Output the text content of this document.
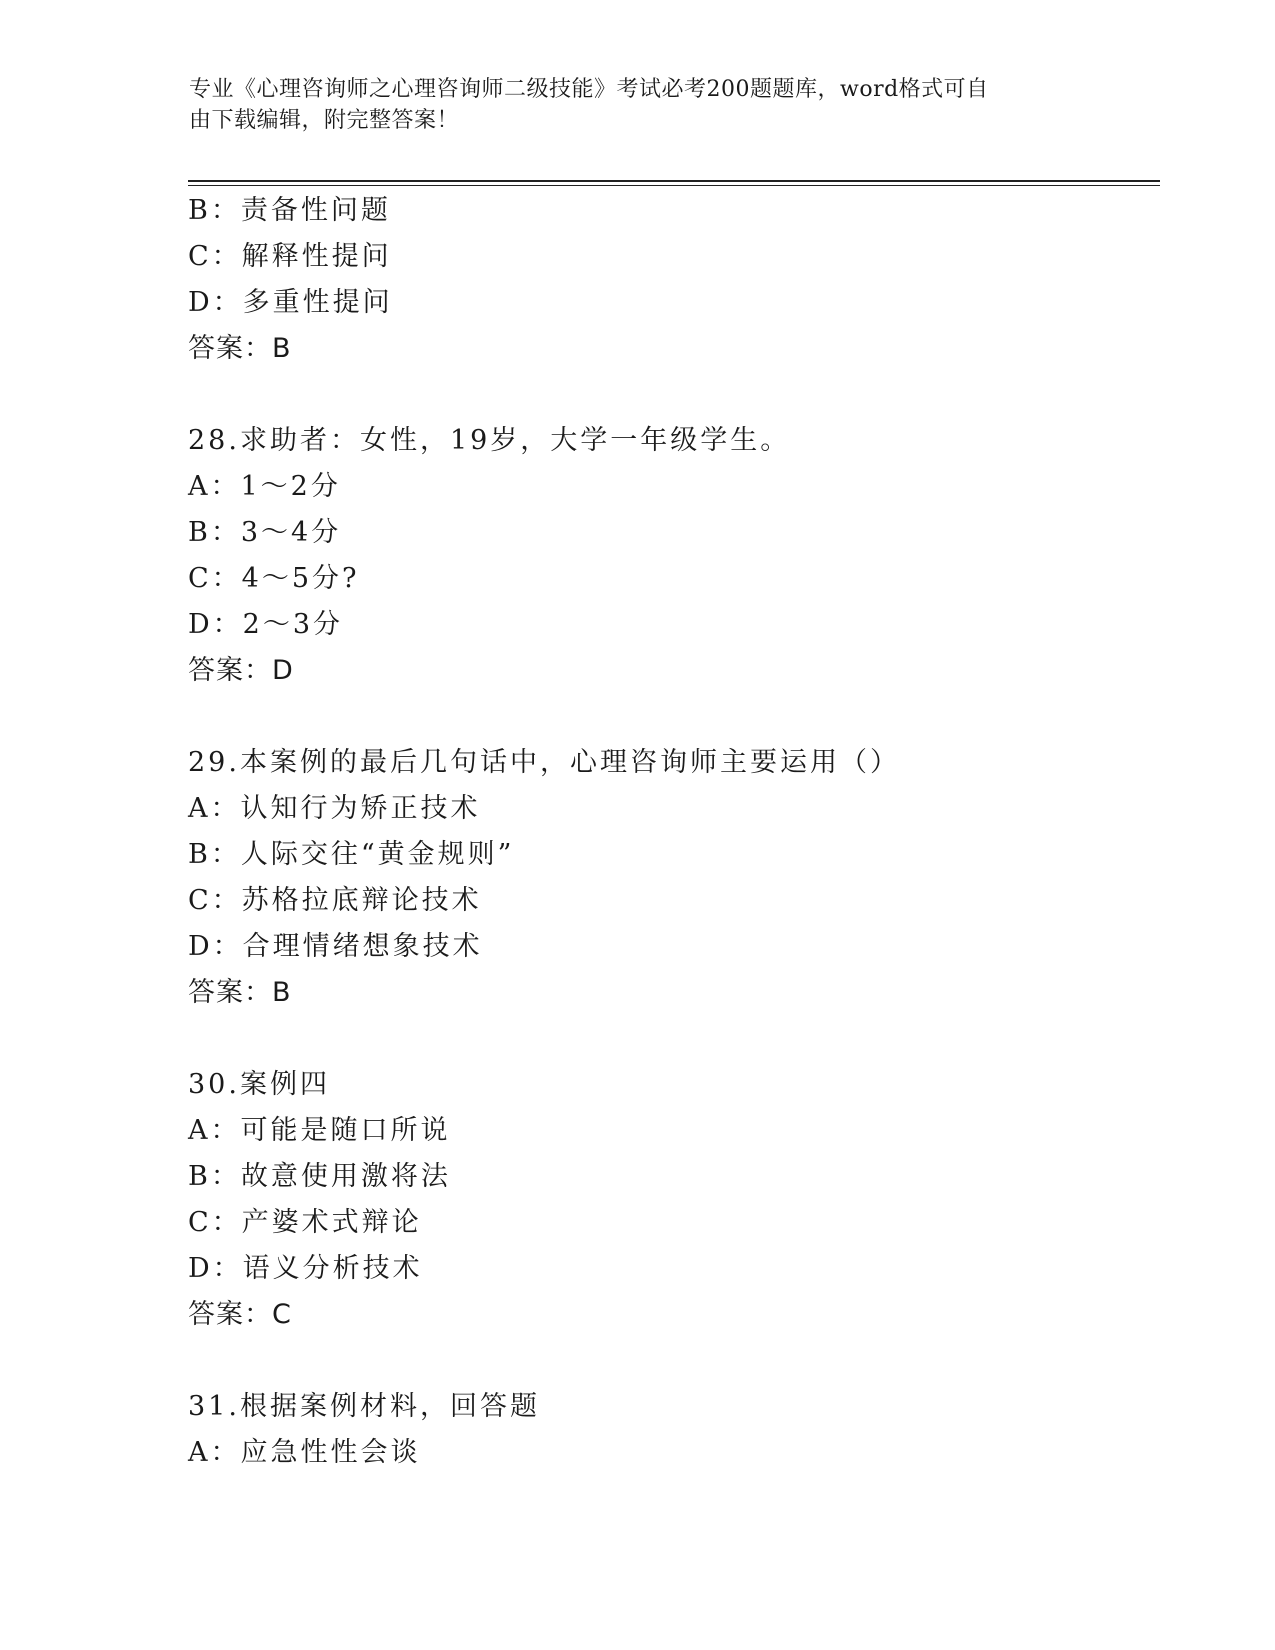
专业《心理咨询师之心理咨询师二级技能》考试必考200题题库，word格式可自
由下载编辑，附完整答案！
B：责备性问题
C：解释性提问
D：多重性提问
答案：B
28.求助者：女性，19岁，大学一年级学生。
A：1～2分
B：3～4分
C：4～5分?
D：2～3分
答案：D
29.本案例的最后几句话中，心理咨询师主要运用（）
A：认知行为矫正技术
B：人际交往“黄金规则”
C：苏格拉底辩论技术
D：合理情绪想象技术
答案：B
30.案例四
A：可能是随口所说
B：故意使用激将法
C：产婆术式辩论
D：语义分析技术
答案：C
31.根据案例材料，回答题
A：应急性性会谈
